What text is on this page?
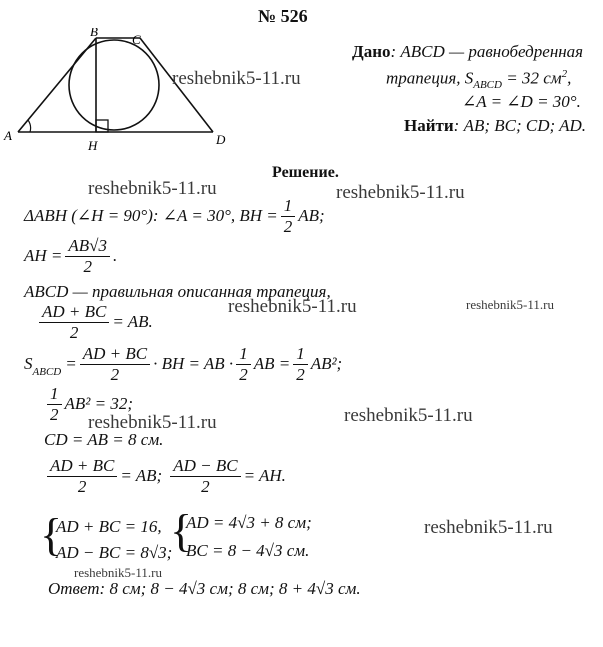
№ 526
A
B
C
D
H
Дано: ABCD — равнобедренная
трапеция, $S_{ABCD} = 32$ $см^2$,
∠A = ∠D = 30°.
Найти: AB; BC; CD; AD.
Решение.
ΔABH (∠H = 90°): ∠A = 30°, BH = $\frac{1}{2}$ AB;
AH = $\frac{AB√3}{2}$ .
ABCD — правильная описанная трапеция,
$\frac{AD + BC}{2}$ = AB.
$S_{ABCD} = \frac{AD + BC}{2}$ · BH = AB · $\frac{1}{2}$ AB = $\frac{1}{2} AB^2$;
$\frac{1}{2} AB^2 = 32$;
CD = AB = 8 см.
$\frac{AD + BC}{2}$ = AB; $\frac{AD - BC}{2}$ = AH.
{
AD + BC = 16,
AD − BC = 8√3;
{
AD = 4√3 + 8 см;
BC = 8 − 4√3 см.
Ответ: 8 см; 8 − 4√3 см; 8 см; 8 + 4√3 см.
reshebnik5-11.ru
reshebnik5-11.ru	reshebnik5-11.ru
reshebnik5-11.ru	reshebnik5-11.ru
reshebnik5-11.ru
reshebnik5-11.ru
reshebnik5-11.ru
reshebnik5-11.ru
